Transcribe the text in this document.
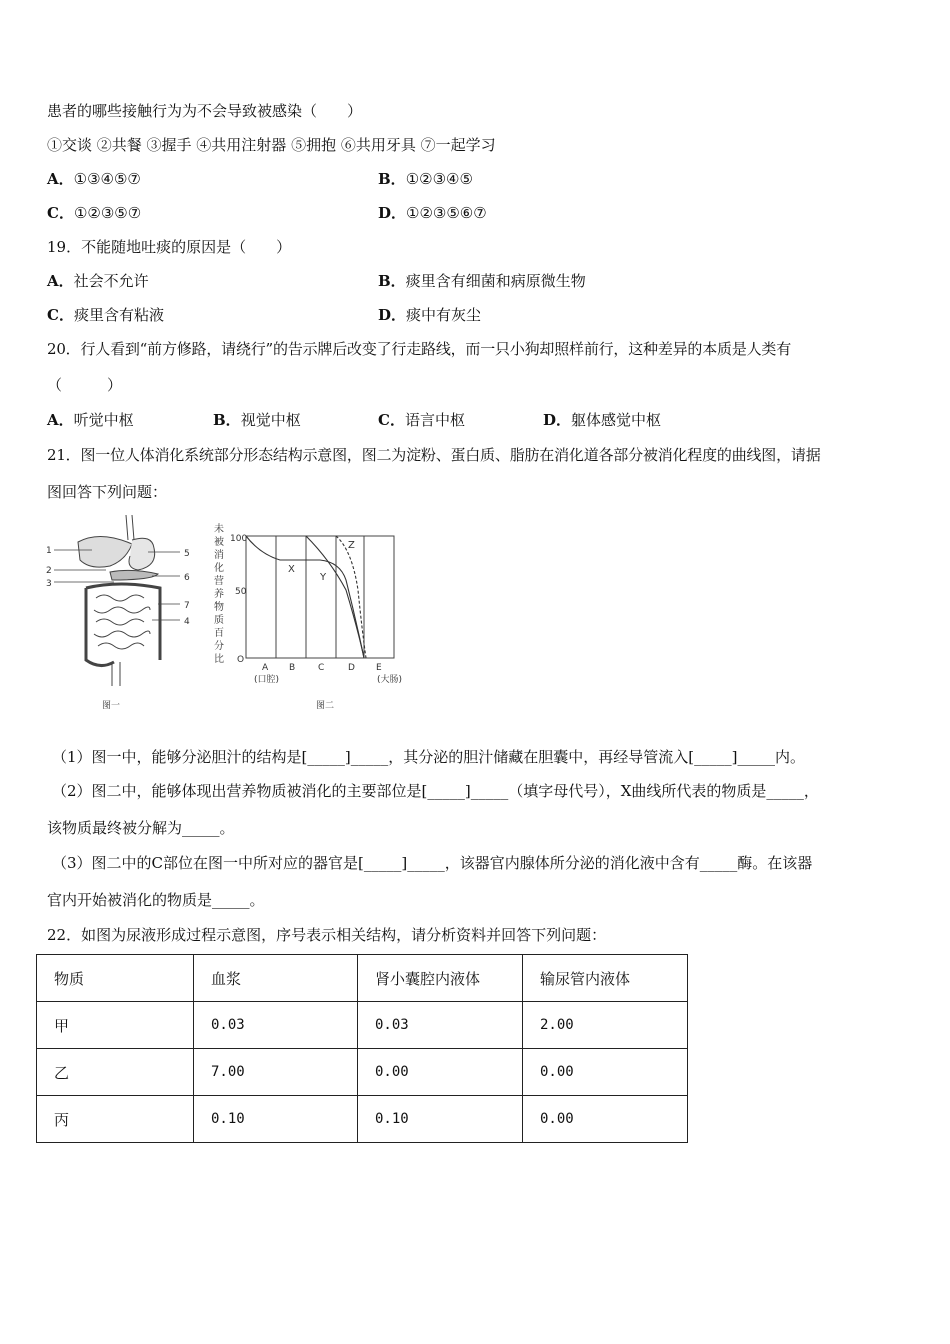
患者的哪些接触行为为不会导致被感染（　　）
①交谈 ②共餐 ③握手 ④共用注射器 ⑤拥抱 ⑥共用牙具 ⑦一起学习
A．①③④⑤⑦	B．①②③④⑤
C．①②③⑤⑦	D．①②③⑤⑥⑦
19．不能随地吐痰的原因是（　　）
A．社会不允许	B．痰里含有细菌和病原微生物
C．痰里含有粘液	D．痰中有灰尘
20．行人看到“前方修路，请绕行”的告示牌后改变了行走路线，而一只小狗却照样前行，这种差异的本质是人类有
（　　　）
A．听觉中枢	B．视觉中枢	C．语言中枢	D．躯体感觉中枢
21．图一位人体消化系统部分形态结构示意图，图二为淀粉、蛋白质、脂肪在消化道各部分被消化程度的曲线图，请据
图回答下列问题：
1
2
3
5
6
7
4
图一
未
被
消
化
营
养
物
质
百
分
比
100
50
O
X
Y
Z
A B	C	D E
(口腔)	(大肠)
图二
（1）图一中，能够分泌胆汁的结构是[_____]_____，其分泌的胆汁储藏在胆囊中，再经导管流入[_____]_____内。
（2）图二中，能够体现出营养物质被消化的主要部位是[_____]_____（填字母代号），X曲线所代表的物质是_____，
该物质最终被分解为_____。
（3）图二中的C部位在图一中所对应的器官是[_____]_____，该器官内腺体所分泌的消化液中含有_____酶。在该器
官内开始被消化的物质是_____。
22．如图为尿液形成过程示意图，序号表示相关结构，请分析资料并回答下列问题：
物质	血浆	肾小囊腔内液体	输尿管内液体
甲	0.03	0.03	2.00
乙	7.00	0.00	0.00
丙	0.10	0.10	0.00
